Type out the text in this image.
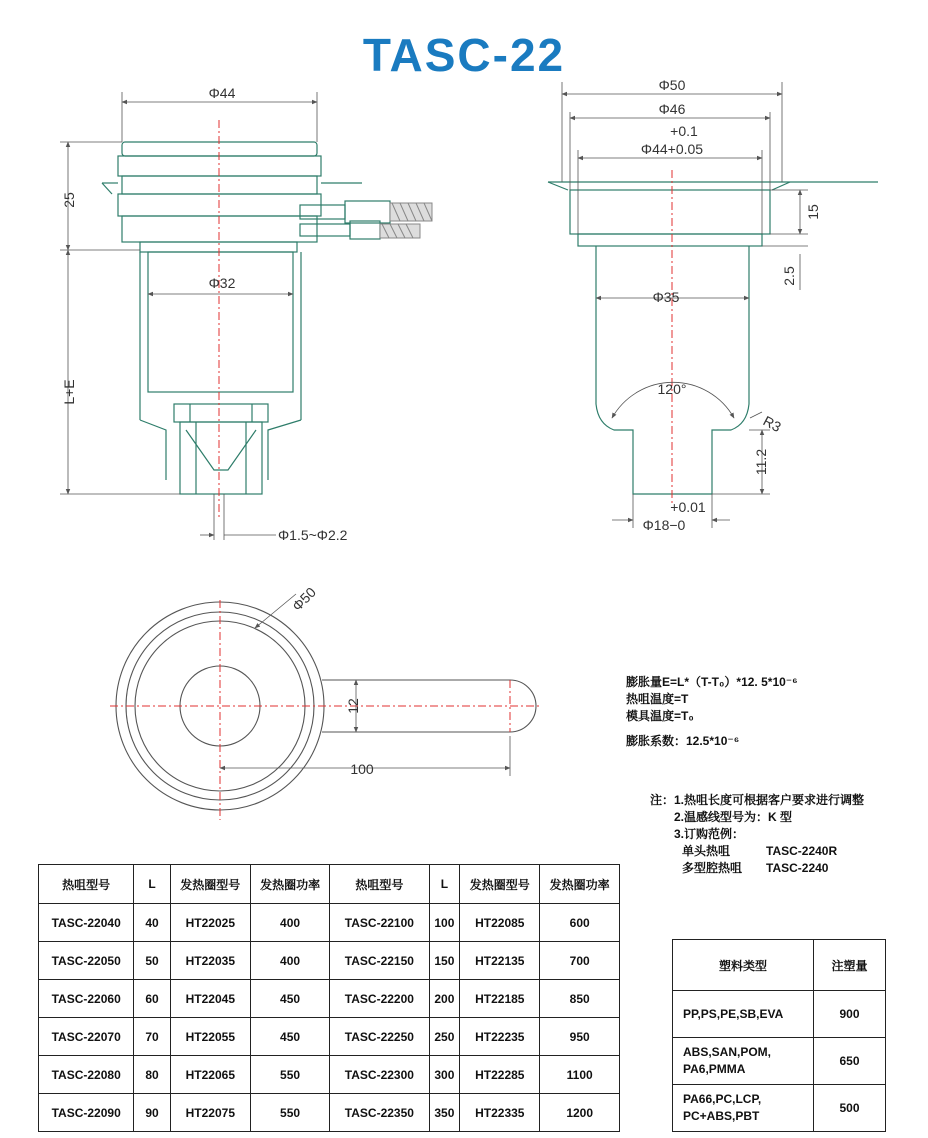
TASC-22
Φ44
25
Φ32
L+E
Φ1.5~Φ2.2
Φ50
Φ46
+0.1
Φ44+0.05
15
2.5
Φ35
120°
R3
11.2
+0.01
Φ18−0
Φ50
12
100
膨胀量E=L*（T-T₀）*12. 5*10⁻⁶
热咀温度=T
模具温度=T₀
膨胀系数：12.5*10⁻⁶
注：1.热咀长度可根据客户要求进行调整
2.温感线型号为：K 型
3.订购范例：
单头热咀	TASC-2240R
多型腔热咀 TASC-2240
热咀型号	L	发热圈型号	发热圈功率	热咀型号	L	发热圈型号	发热圈功率
TASC-22040	40	HT22025	400	TASC-22100	100	HT22085	600
TASC-22050	50	HT22035	400	TASC-22150	150	HT22135	700
TASC-22060	60	HT22045	450	TASC-22200	200	HT22185	850
TASC-22070	70	HT22055	450	TASC-22250	250	HT22235	950
TASC-22080	80	HT22065	550	TASC-22300	300	HT22285	1100
TASC-22090	90	HT22075	550	TASC-22350	350	HT22335	1200
塑料类型	注塑量

PP,PS,PE,SB,EVA	900

ABS,SAN,POM,
PA6,PMMA	650

PA66,PC,LCP,
PC+ABS,PBT	500
